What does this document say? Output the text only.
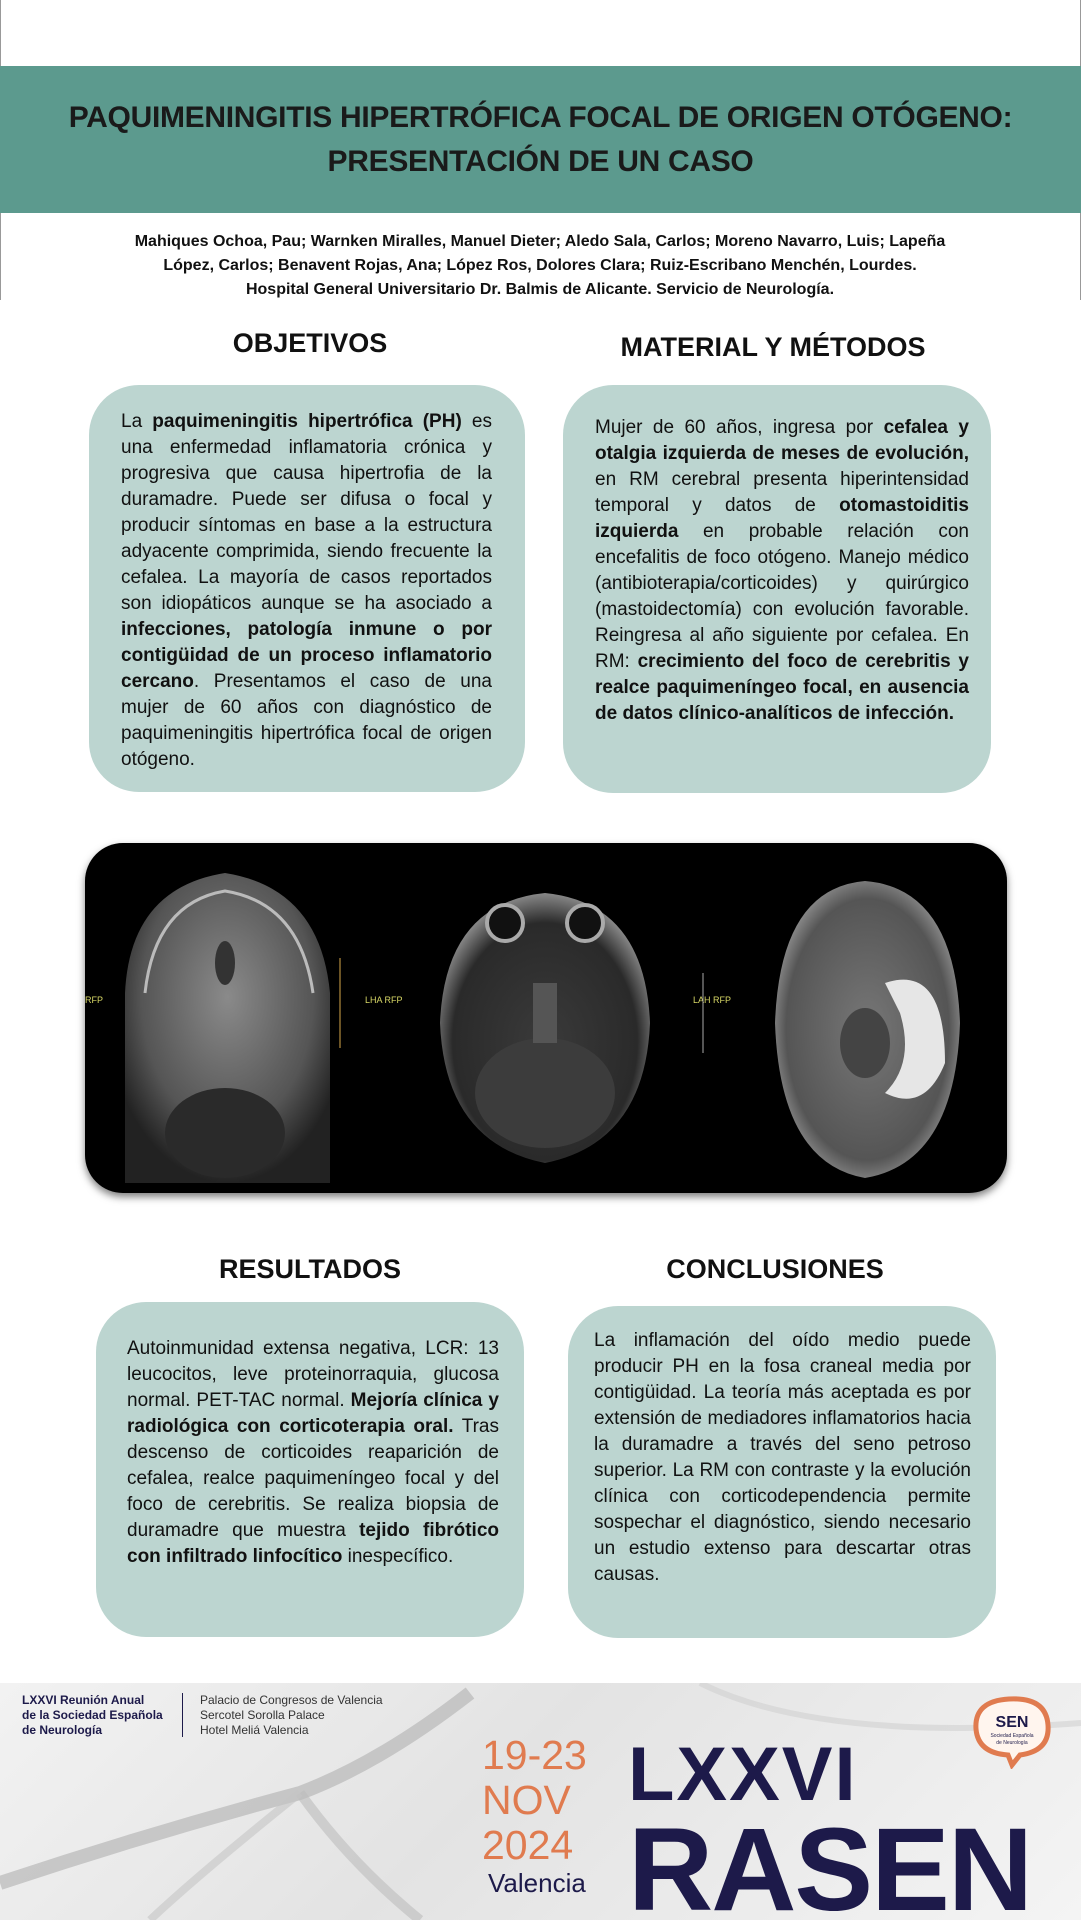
PAQUIMENINGITIS HIPERTRÓFICA FOCAL DE ORIGEN OTÓGENO:
PRESENTACIÓN DE UN CASO
Mahiques Ochoa, Pau; Warnken Miralles, Manuel Dieter; Aledo Sala, Carlos; Moreno Navarro, Luis; Lapeña
López, Carlos; Benavent Rojas, Ana; López Ros, Dolores Clara; Ruiz-Escribano Menchén, Lourdes.
Hospital General Universitario Dr. Balmis de Alicante. Servicio de Neurología.
OBJETIVOS
La paquimeningitis hipertrófica (PH) es una enfermedad inflamatoria crónica y progresiva que causa hipertrofia de la duramadre. Puede ser difusa o focal y producir síntomas en base a la estructura adyacente comprimida, siendo frecuente la cefalea. La mayoría de casos reportados son idiopáticos aunque se ha asociado a infecciones, patología inmune o por contigüidad de un proceso inflamatorio cercano. Presentamos el caso de una mujer de 60 años con diagnóstico de paquimeningitis hipertrófica focal de origen otógeno.
MATERIAL Y MÉTODOS
Mujer de 60 años, ingresa por cefalea y otalgia izquierda de meses de evolución, en RM cerebral presenta hiperintensidad temporal y datos de otomastoiditis izquierda en probable relación con encefalitis de foco otógeno. Manejo médico (antibioterapia/corticoides) y quirúrgico (mastoidectomía) con evolución favorable. Reingresa al año siguiente por cefalea. En RM: crecimiento del foco de cerebritis y realce paquimeníngeo focal, en ausencia de datos clínico-analíticos de infección.
RFP	LHA RFP	LAH RFP
RESULTADOS
Autoinmunidad extensa negativa, LCR: 13 leucocitos, leve proteinorraquia, glucosa normal. PET-TAC normal. Mejoría clínica y radiológica con corticoterapia oral. Tras descenso de corticoides reaparición de cefalea, realce paquimeníngeo focal y del foco de cerebritis. Se realiza biopsia de duramadre que muestra tejido fibrótico con infiltrado linfocítico inespecífico.
CONCLUSIONES
La inflamación del oído medio puede producir PH en la fosa craneal media por contigüidad. La teoría más aceptada es por extensión de mediadores inflamatorios hacia la duramadre a través del seno petroso superior. La RM con contraste y la evolución clínica con corticodependencia permite sospechar el diagnóstico, siendo necesario un estudio extenso para descartar otras causas.
LXXVI Reunión Anual
de la Sociedad Española
de Neurología
Palacio de Congresos de Valencia
Sercotel Sorolla Palace
Hotel Meliá Valencia
19-23
NOV
2024
Valencia
LXXVI
RASEN
SEN
Sociedad Española
de Neurología
